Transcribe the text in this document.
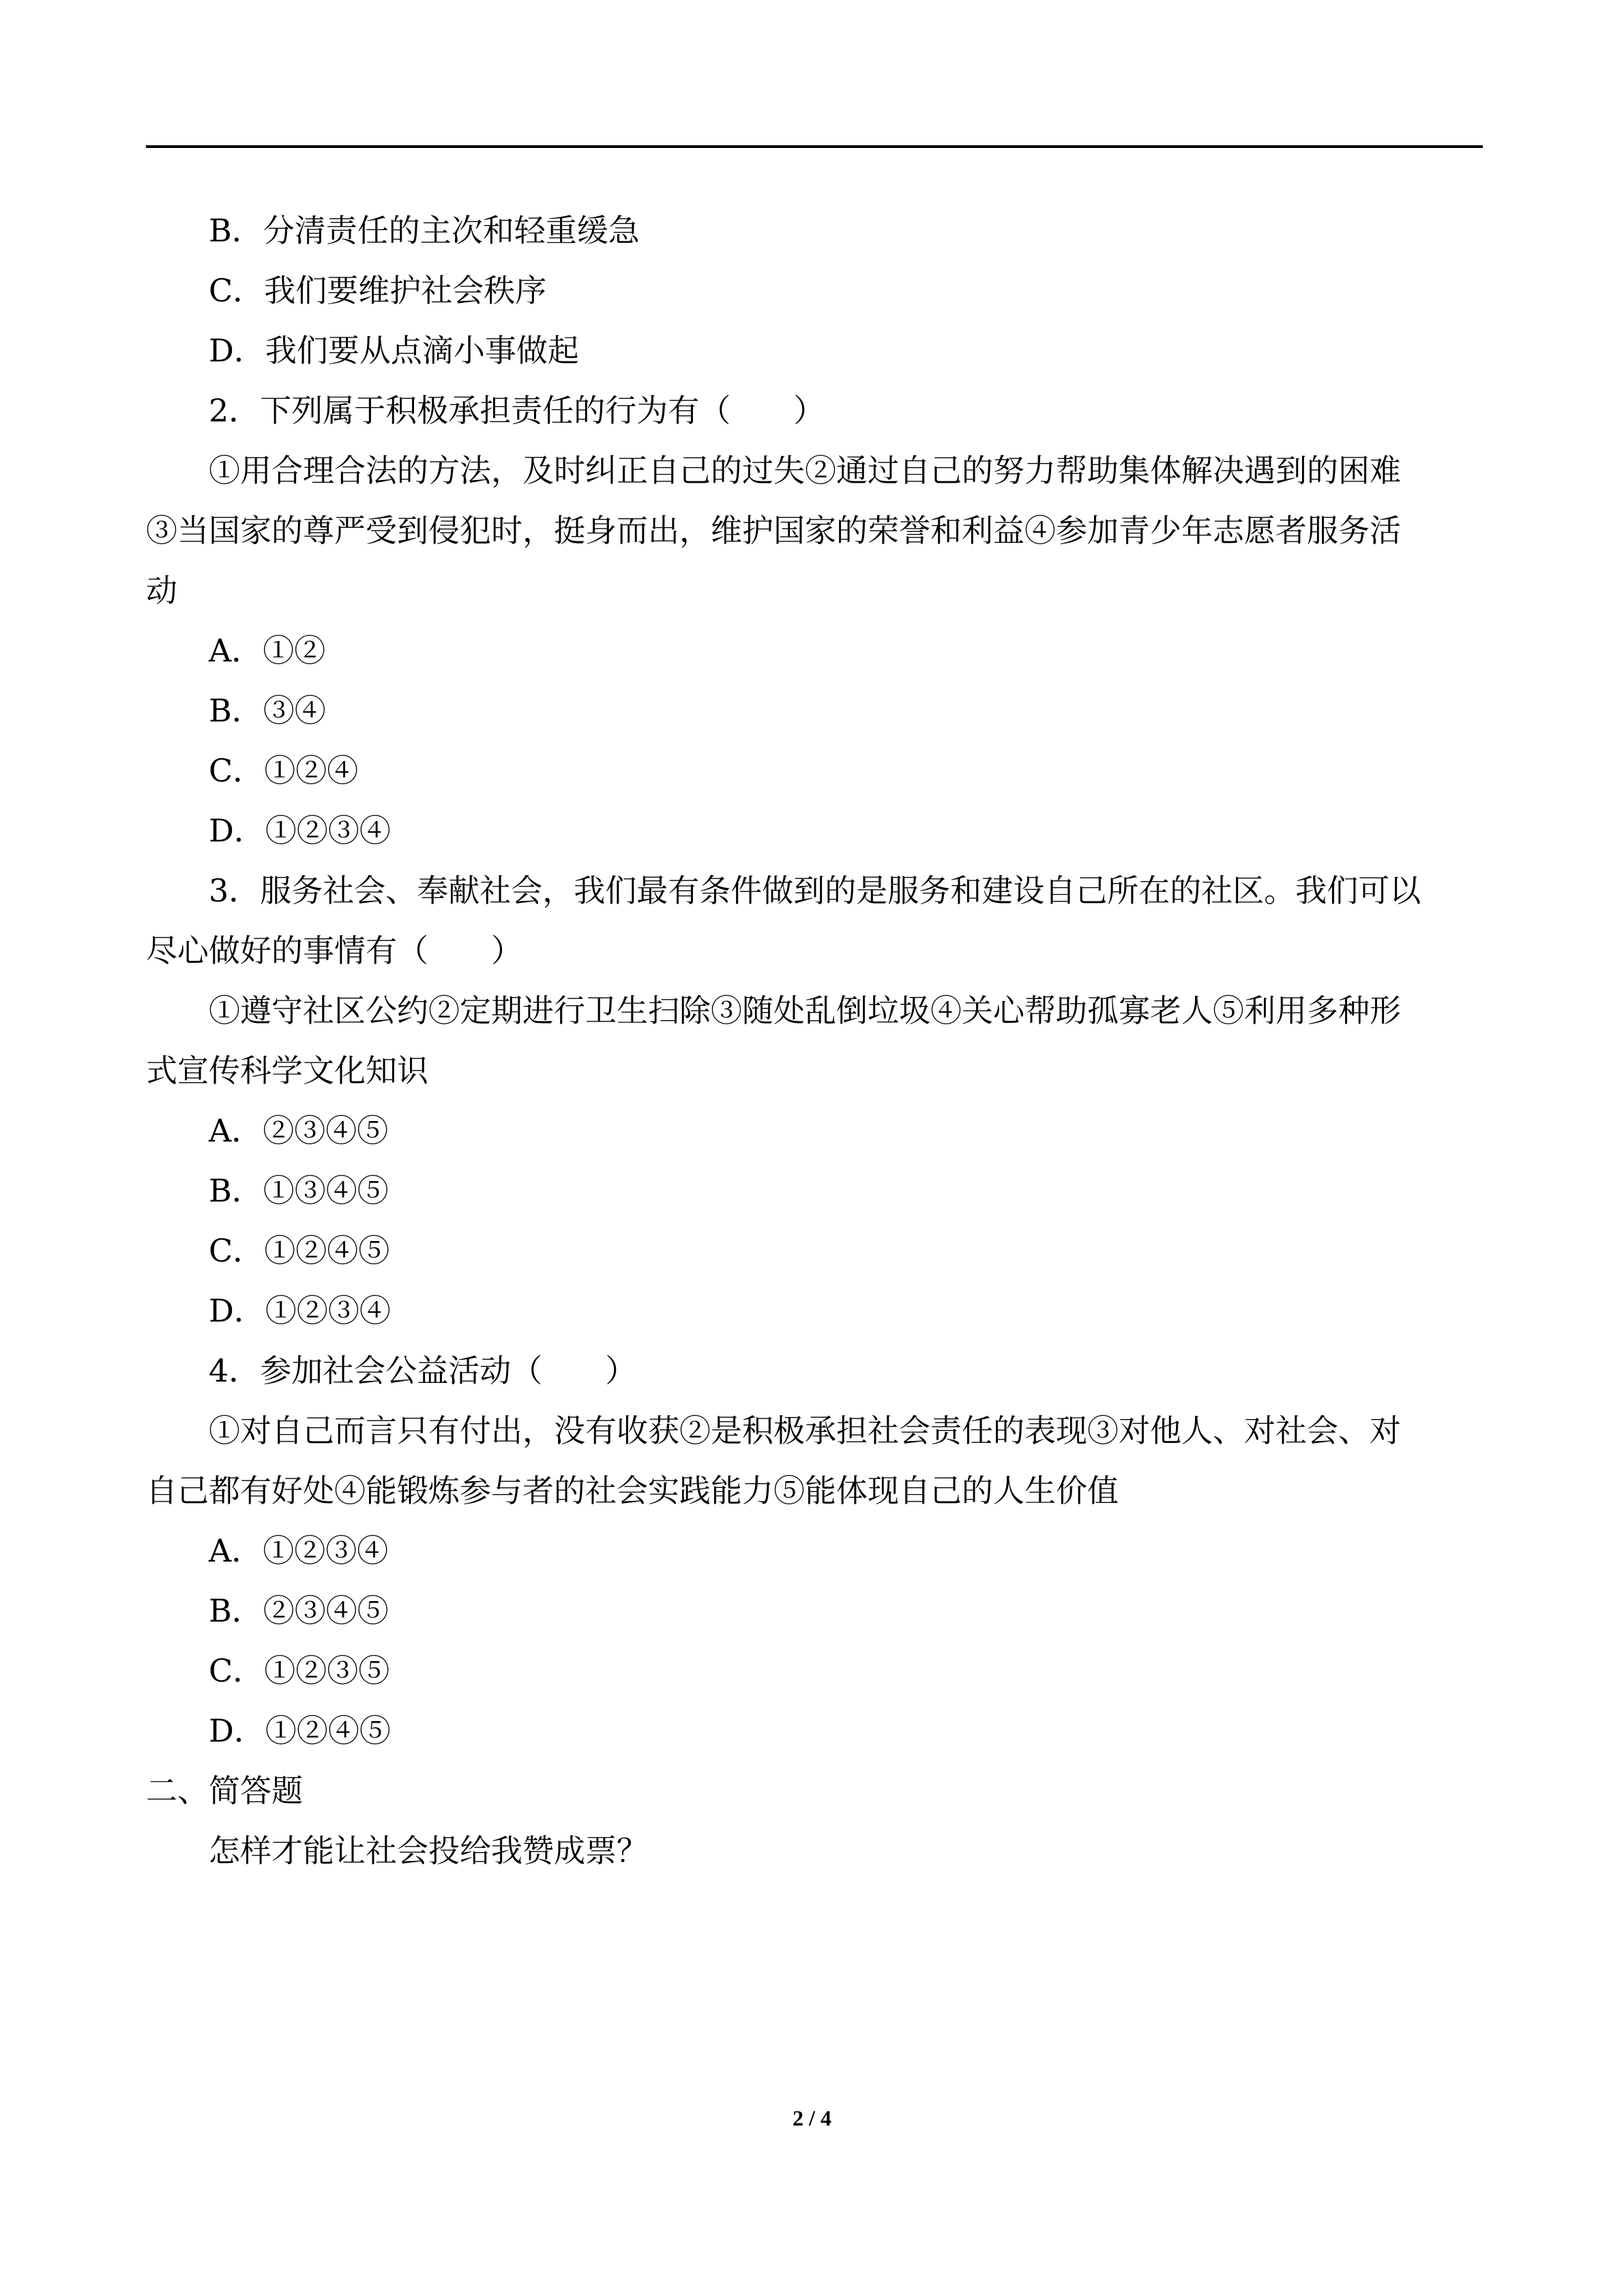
B．分清责任的主次和轻重缓急
C．我们要维护社会秩序
D．我们要从点滴小事做起
2．下列属于积极承担责任的行为有（　　）
①用合理合法的方法，及时纠正自己的过失②通过自己的努力帮助集体解决遇到的困难
③当国家的尊严受到侵犯时，挺身而出，维护国家的荣誉和利益④参加青少年志愿者服务活
动
A．①②
B．③④
C．①②④
D．①②③④
3．服务社会、奉献社会，我们最有条件做到的是服务和建设自己所在的社区。我们可以
尽心做好的事情有（　　）
①遵守社区公约②定期进行卫生扫除③随处乱倒垃圾④关心帮助孤寡老人⑤利用多种形
式宣传科学文化知识
A．②③④⑤
B．①③④⑤
C．①②④⑤
D．①②③④
4．参加社会公益活动（　　）
①对自己而言只有付出，没有收获②是积极承担社会责任的表现③对他人、对社会、对
自己都有好处④能锻炼参与者的社会实践能力⑤能体现自己的人生价值
A．①②③④
B．②③④⑤
C．①②③⑤
D．①②④⑤
二、简答题
怎样才能让社会投给我赞成票？
2 / 4
